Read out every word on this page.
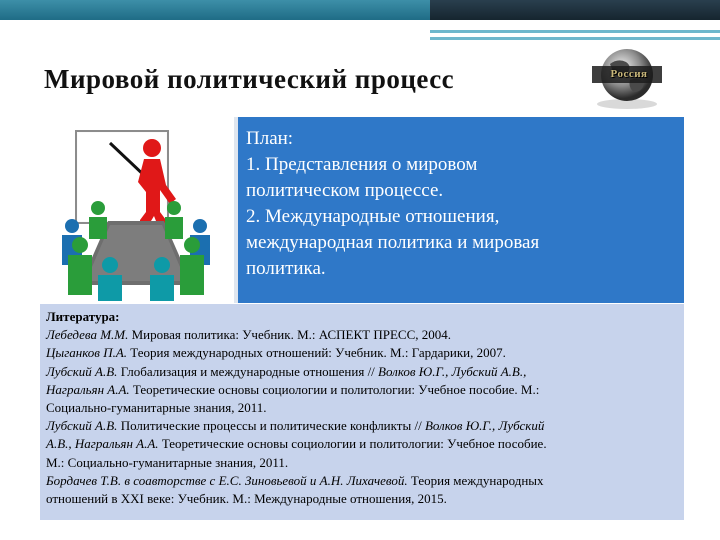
Мировой политический процесс	Россия
План:
1. Представления о мировом
политическом процессе.
2. Международные отношения,
международная политика и мировая
политика.
Литература:
Лебедева М.М. Мировая политика: Учебник. М.: АСПЕКТ ПРЕСС, 2004.
Цыганков П.А. Теория международных отношений: Учебник. М.: Гардарики, 2007.
Лубский А.В. Глобализация и международные отношения // Волков Ю.Г., Лубский А.В.,
Награльян А.А. Теоретические основы социологии и политологии: Учебное пособие. М.:
Социально-гуманитарные знания, 2011.
Лубский А.В. Политические процессы и политические конфликты // Волков Ю.Г., Лубский
А.В., Награльян А.А. Теоретические основы социологии и политологии: Учебное пособие.
М.: Социально-гуманитарные знания, 2011.
Бордачев Т.В. в соавторстве с Е.С. Зиновьевой и А.Н. Лихачевой. Теория международных
отношений в XXI веке: Учебник. М.: Международные отношения, 2015.
